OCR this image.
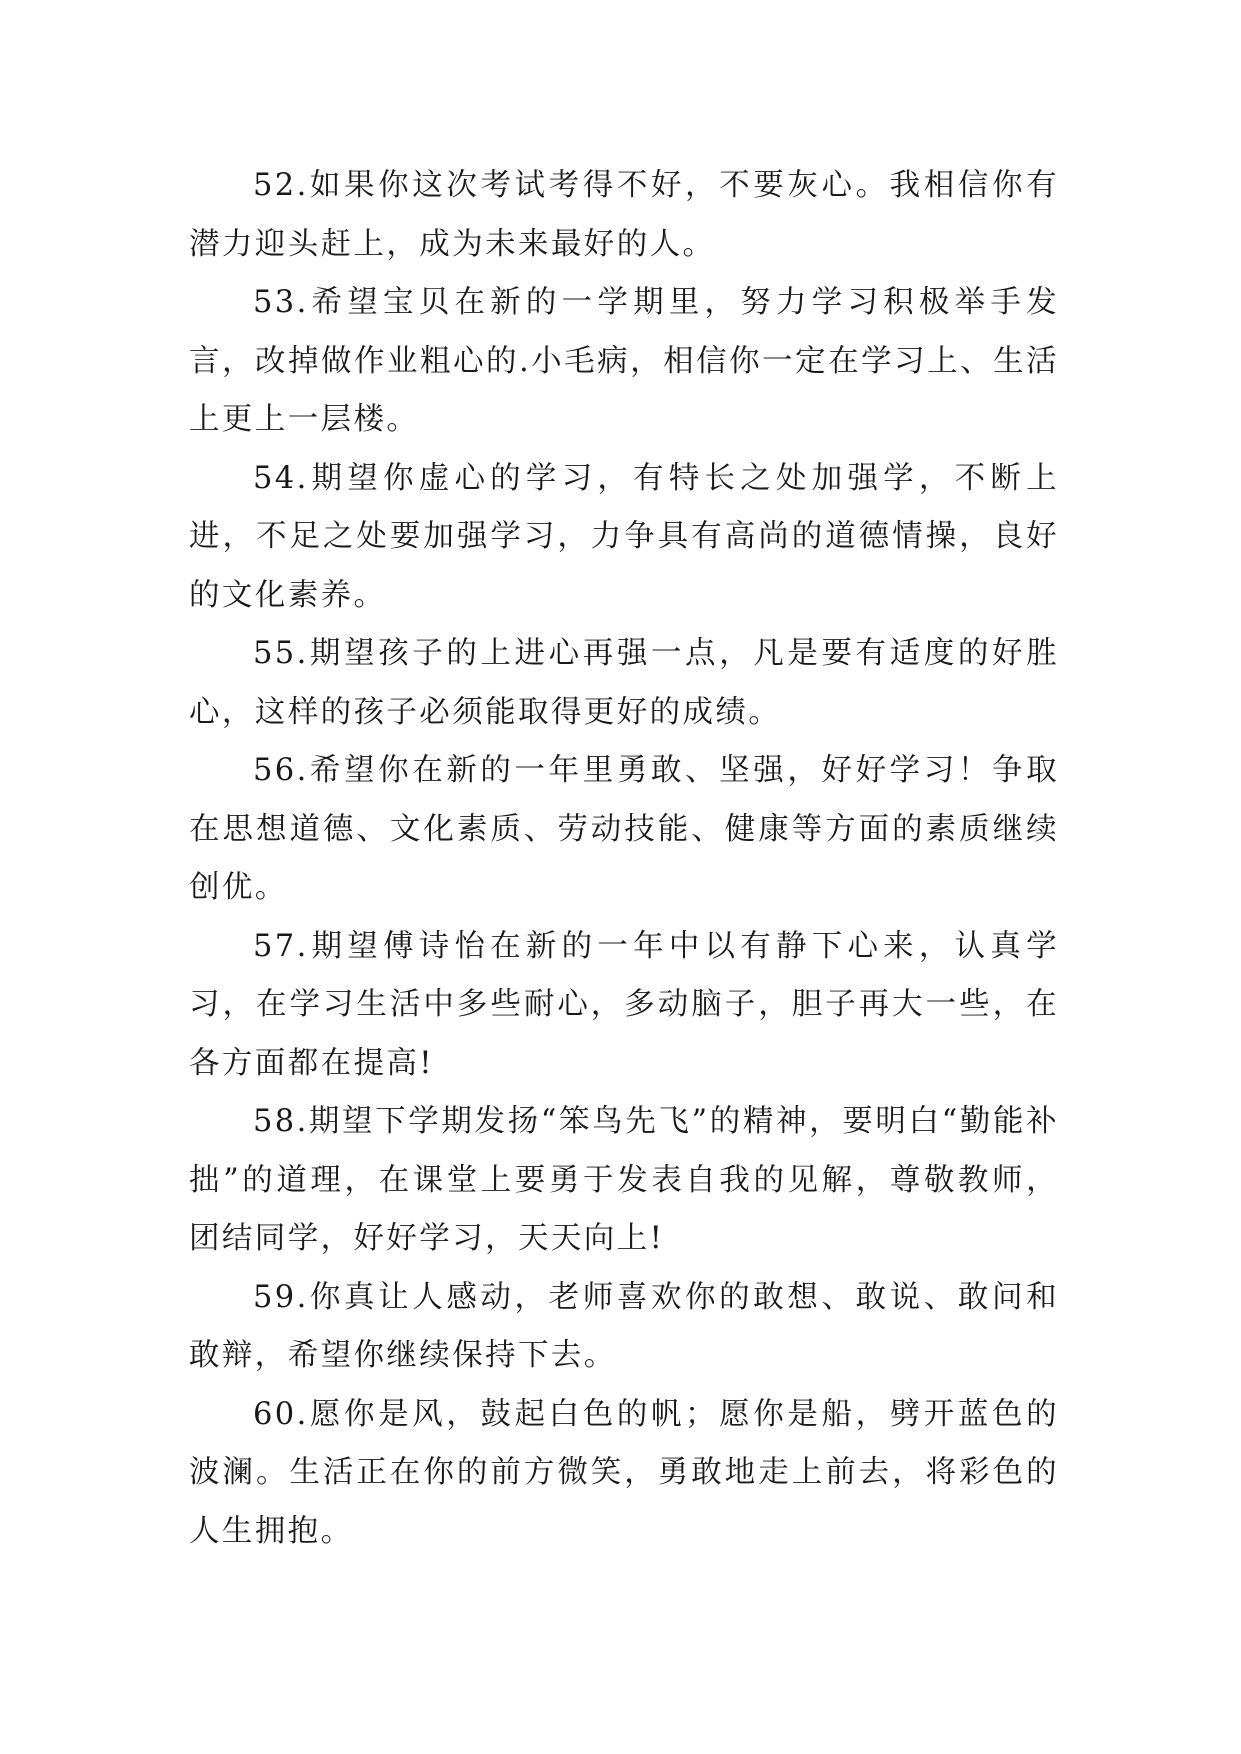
52.如果你这次考试考得不好，不要灰心。我相信你有潜力迎头赶上，成为未来最好的人。

53.希望宝贝在新的一学期里，努力学习积极举手发言，改掉做作业粗心的.小毛病，相信你一定在学习上、生活上更上一层楼。

54.期望你虚心的学习，有特长之处加强学，不断上进，不足之处要加强学习，力争具有高尚的道德情操，良好的文化素养。

55.期望孩子的上进心再强一点，凡是要有适度的好胜心，这样的孩子必须能取得更好的成绩。

56.希望你在新的一年里勇敢、坚强，好好学习！争取在思想道德、文化素质、劳动技能、健康等方面的素质继续创优。

57.期望傅诗怡在新的一年中以有静下心来，认真学习，在学习生活中多些耐心，多动脑子，胆子再大一些，在各方面都在提高!

58.期望下学期发扬“笨鸟先飞”的精神，要明白“勤能补拙”的道理，在课堂上要勇于发表自我的见解，尊敬教师，团结同学，好好学习，天天向上!

59.你真让人感动，老师喜欢你的敢想、敢说、敢问和敢辩，希望你继续保持下去。

60.愿你是风，鼓起白色的帆；愿你是船，劈开蓝色的波澜。生活正在你的前方微笑，勇敢地走上前去，将彩色的人生拥抱。
